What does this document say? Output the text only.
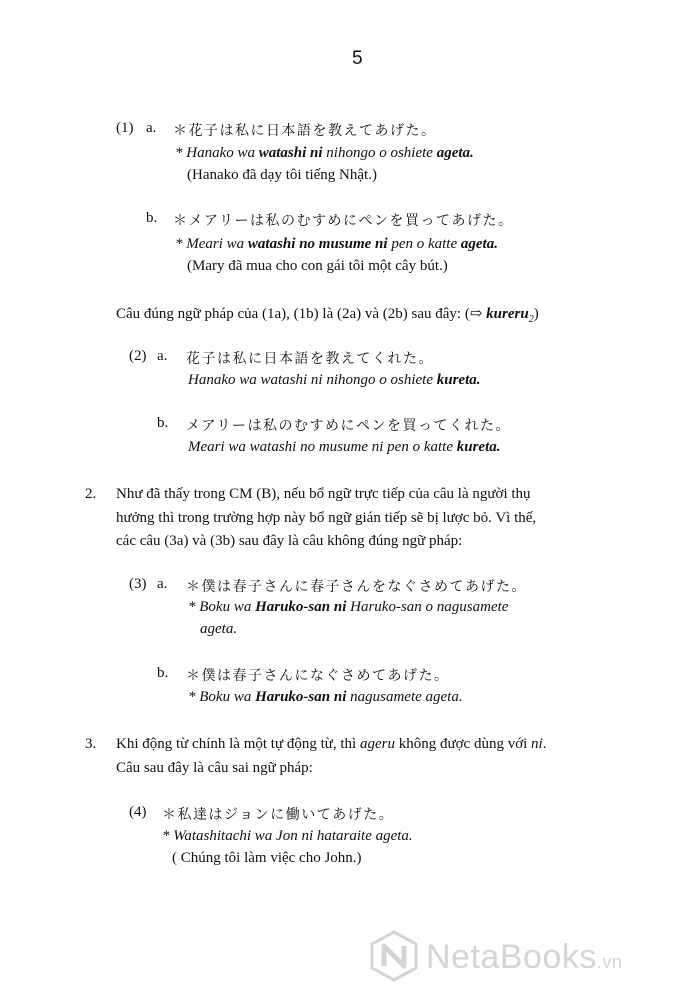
5
(1) a. ＊花子は私に日本語を教えてあげた。
* Hanako wa watashi ni nihongo o oshiete ageta.
(Hanako đã dạy tôi tiếng Nhật.)
b. ＊メアリーは私のむすめにペンを買ってあげた。
* Meari wa watashi no musume ni pen o katte ageta.
(Mary đã mua cho con gái tôi một cây bút.)
Câu đúng ngữ pháp của (1a), (1b) là (2a) và (2b) sau đây: (⇨ kureru$_2$)
(2) a. 花子は私に日本語を教えてくれた。
Hanako wa watashi ni nihongo o oshiete kureta.
b. メアリーは私のむすめにペンを買ってくれた。
Meari wa watashi no musume ni pen o katte kureta.
2. Như đã thấy trong CM (B), nếu bổ ngữ trực tiếp của câu là người thụ
hưởng thì trong trường hợp này bổ ngữ gián tiếp sẽ bị lược bỏ. Vì thế,
các câu (3a) và (3b) sau đây là câu không đúng ngữ pháp:
(3) a. ＊僕は春子さんに春子さんをなぐさめてあげた。
* Boku wa Haruko-san ni Haruko-san o nagusamete
ageta.
b. ＊僕は春子さんになぐさめてあげた。
* Boku wa Haruko-san ni nagusamete ageta.
3. Khi động từ chính là một tự động từ, thì ageru không được dùng với ni.
Câu sau đây là câu sai ngữ pháp:
(4) ＊私達はジョンに働いてあげた。
* Watashitachi wa Jon ni hataraite ageta.
( Chúng tôi làm việc cho John.)
NetaBooks.vn
